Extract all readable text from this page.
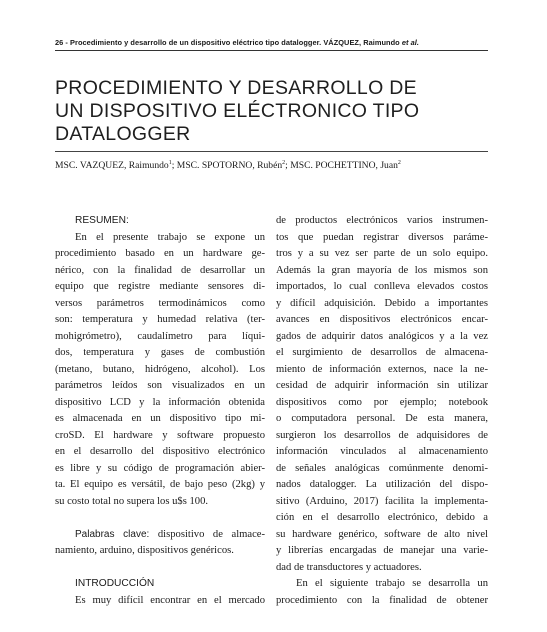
26 - Procedimiento y desarrollo de un dispositivo eléctrico tipo datalogger. VÁZQUEZ, Raimundo et al.
PROCEDIMIENTO Y DESARROLLO DE
UN DISPOSITIVO ELÉCTRONICO TIPO
DATALOGGER
MSC. VAZQUEZ, Raimundo$^1$; MSC. SPOTORNO, Rubén$^2$; MSC. POCHETTINO, Juan$^2$
RESUMEN:
En el presente trabajo se expone un
procedimiento basado en un hardware ge-
nérico, con la finalidad de desarrollar un
equipo que registre mediante sensores di-
versos parámetros termodinámicos como
son: temperatura y humedad relativa (ter-
mohigrómetro), caudalímetro para líqui-
dos, temperatura y gases de combustión
(metano, butano, hidrógeno, alcohol). Los
parámetros leídos son visualizados en un
dispositivo LCD y la información obtenida
es almacenada en un dispositivo tipo mi-
croSD. El hardware y software propuesto
en el desarrollo del dispositivo electrónico
es libre y su código de programación abier-
ta. El equipo es versátil, de bajo peso (2kg) y
su costo total no supera los u$s 100.
Palabras clave: dispositivo de almace-
namiento, arduino, dispositivos genéricos.
INTRODUCCIÓN
Es muy difícil encontrar en el mercado
de productos electrónicos varios instrumen-
tos que puedan registrar diversos paráme-
tros y a su vez ser parte de un solo equipo.
Además la gran mayoría de los mismos son
importados, lo cual conlleva elevados costos
y difícil adquisición. Debido a importantes
avances en dispositivos electrónicos encar-
gados de adquirir datos analógicos y a la vez
el surgimiento de desarrollos de almacena-
miento de información externos, nace la ne-
cesidad de adquirir información sin utilizar
dispositivos como por ejemplo; notebook
o computadora personal. De esta manera,
surgieron los desarrollos de adquisidores de
información vinculados al almacenamiento
de señales analógicas comúnmente denomi-
nados datalogger. La utilización del dispo-
sitivo (Arduino, 2017) facilita la implementa-
ción en el desarrollo electrónico, debido a
su hardware genérico, software de alto nivel
y librerías encargadas de manejar una varie-
dad de transductores y actuadores.
En el siguiente trabajo se desarrolla un
procedimiento con la finalidad de obtener
